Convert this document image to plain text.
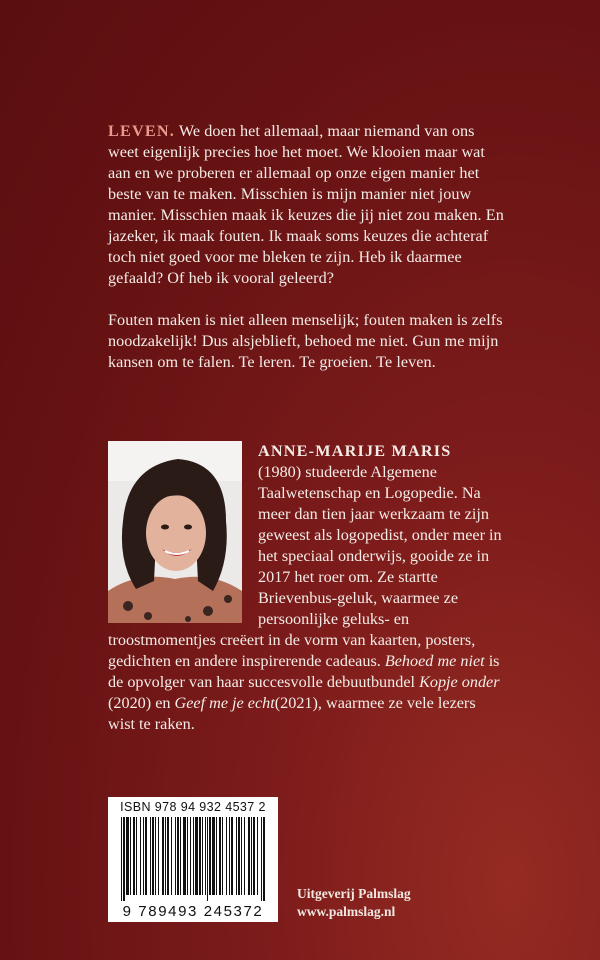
LEVEN. We doen het allemaal, maar niemand van ons weet eigenlijk precies hoe het moet. We klooien maar wat aan en we proberen er allemaal op onze eigen manier het beste van te maken. Misschien is mijn manier niet jouw manier. Misschien maak ik keuzes die jij niet zou maken. En jazeker, ik maak fouten. Ik maak soms keuzes die achteraf toch niet goed voor me bleken te zijn. Heb ik daarmee gefaald? Of heb ik vooral geleerd?

Fouten maken is niet alleen menselijk; fouten maken is zelfs noodzakelijk! Dus alsjeblieft, behoed me niet. Gun me mijn kansen om te falen. Te leren. Te groeien. Te leven.

ANNE-MARIJE MARIS
(1980) studeerde Algemene Taalwetenschap en Logopedie. Na meer dan tien jaar werkzaam te zijn geweest als logopedist, onder meer in het speciaal onderwijs, gooide ze in 2017 het roer om. Ze startte Brievenbus-geluk, waarmee ze persoonlijke geluks- en troostmomentjes creëert in de vorm van kaarten, posters, gedichten en andere inspirerende cadeaus. Behoed me niet is de opvolger van haar succesvolle debuutbundel Kopje onder (2020) en Geef me je echt(2021), waarmee ze vele lezers wist te raken.
ISBN 978 94 932 4537 2
9 789493 245372
Uitgeverij Palmslag
www.palmslag.nl
